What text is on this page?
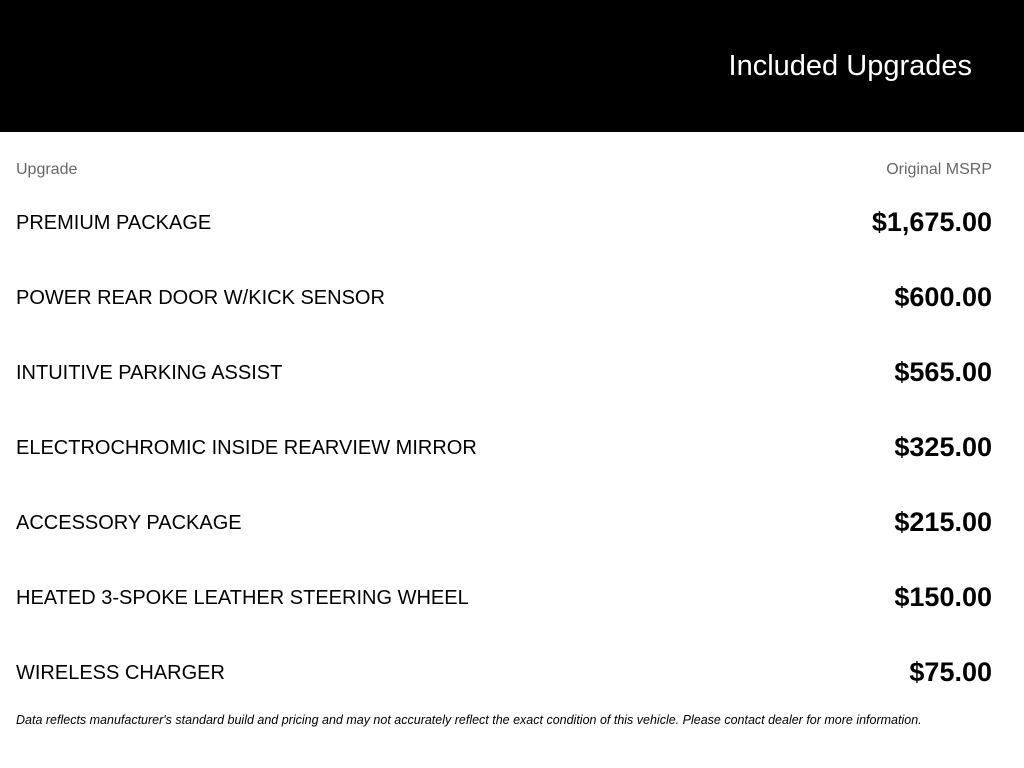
Included Upgrades
Upgrade	Original MSRP
PREMIUM PACKAGE	$1,675.00
POWER REAR DOOR W/KICK SENSOR	$600.00
INTUITIVE PARKING ASSIST	$565.00
ELECTROCHROMIC INSIDE REARVIEW MIRROR	$325.00
ACCESSORY PACKAGE	$215.00
HEATED 3-SPOKE LEATHER STEERING WHEEL	$150.00
WIRELESS CHARGER	$75.00
Data reflects manufacturer's standard build and pricing and may not accurately reflect the exact condition of this vehicle. Please contact dealer for more information.
